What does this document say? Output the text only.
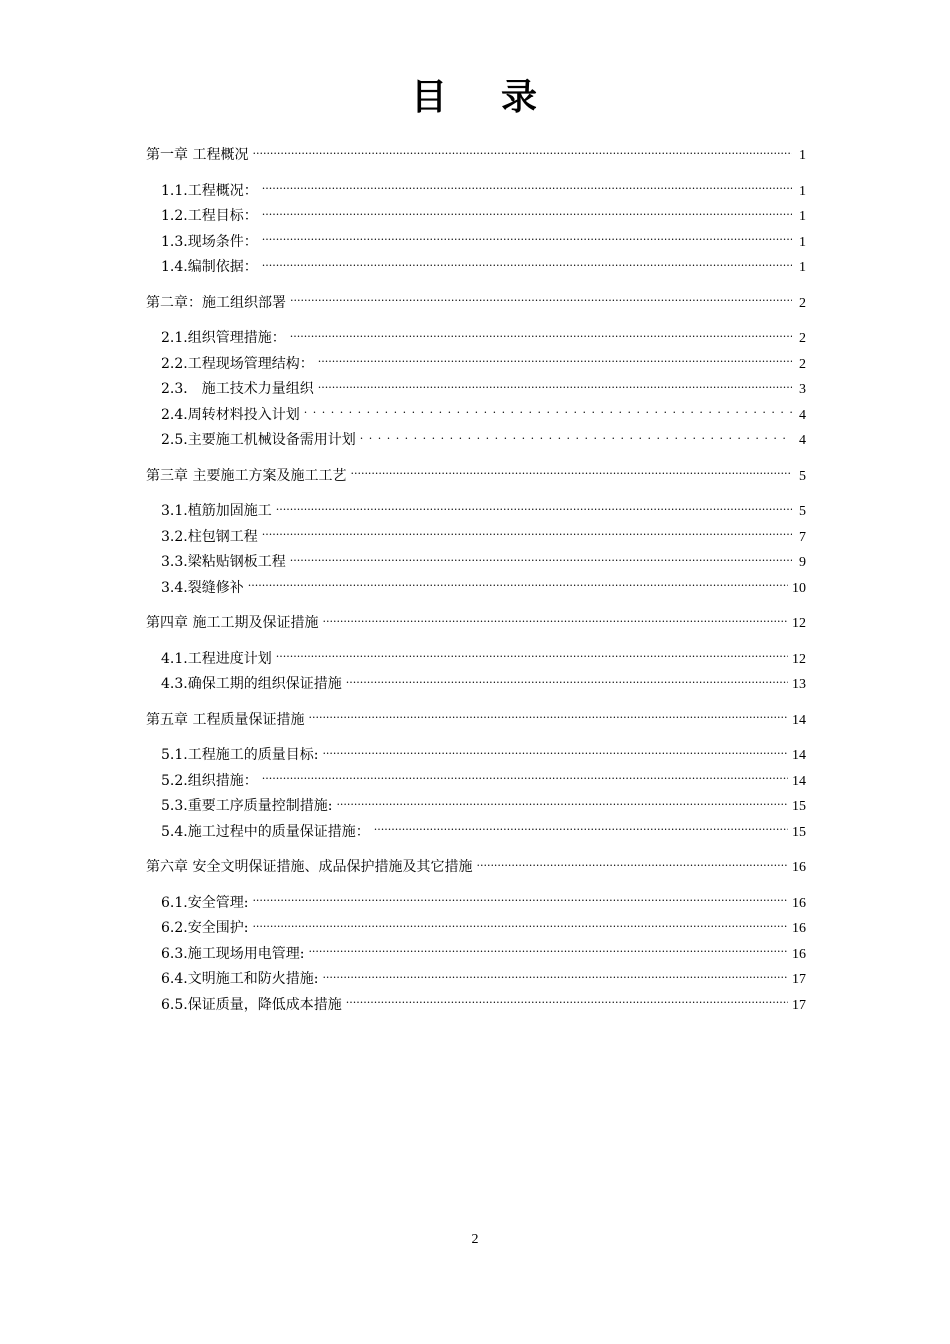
目 录
第一章 工程概况 .....	1
1.1.工程概况： .....	1
1.2.工程目标： .....	1
1.3.现场条件： .....	1
1.4.编制依据： .....	1
第二章：施工组织部署 .....	2
2.1.组织管理措施： .....	2
2.2.工程现场管理结构： .....	2
2.3． 施工技术力量组织 .....	3
2.4.周转材料投入计划 . . .	4
2.5.主要施工机械设备需用计划 . . .	4
第三章 主要施工方案及施工工艺 .....	5
3.1.植筋加固施工 .....	5
3.2.柱包钢工程 .....	7
3.3.梁粘贴钢板工程 .....	9
3.4.裂缝修补 .....	10
第四章 施工工期及保证措施 .....	12
4.1.工程进度计划 .....	12
4.3.确保工期的组织保证措施 .....	13
第五章 工程质量保证措施 .....	14
5.1.工程施工的质量目标: .....	14
5.2.组织措施： .....	14
5.3.重要工序质量控制措施: .....	15
5.4.施工过程中的质量保证措施： .....	15
第六章 安全文明保证措施、成品保护措施及其它措施 .....	16
6.1.安全管理: .....	16
6.2.安全围护: .....	16
6.3.施工现场用电管理: .....	16
6.4.文明施工和防火措施: .....	17
6.5.保证质量，降低成本措施 .....	17
2
